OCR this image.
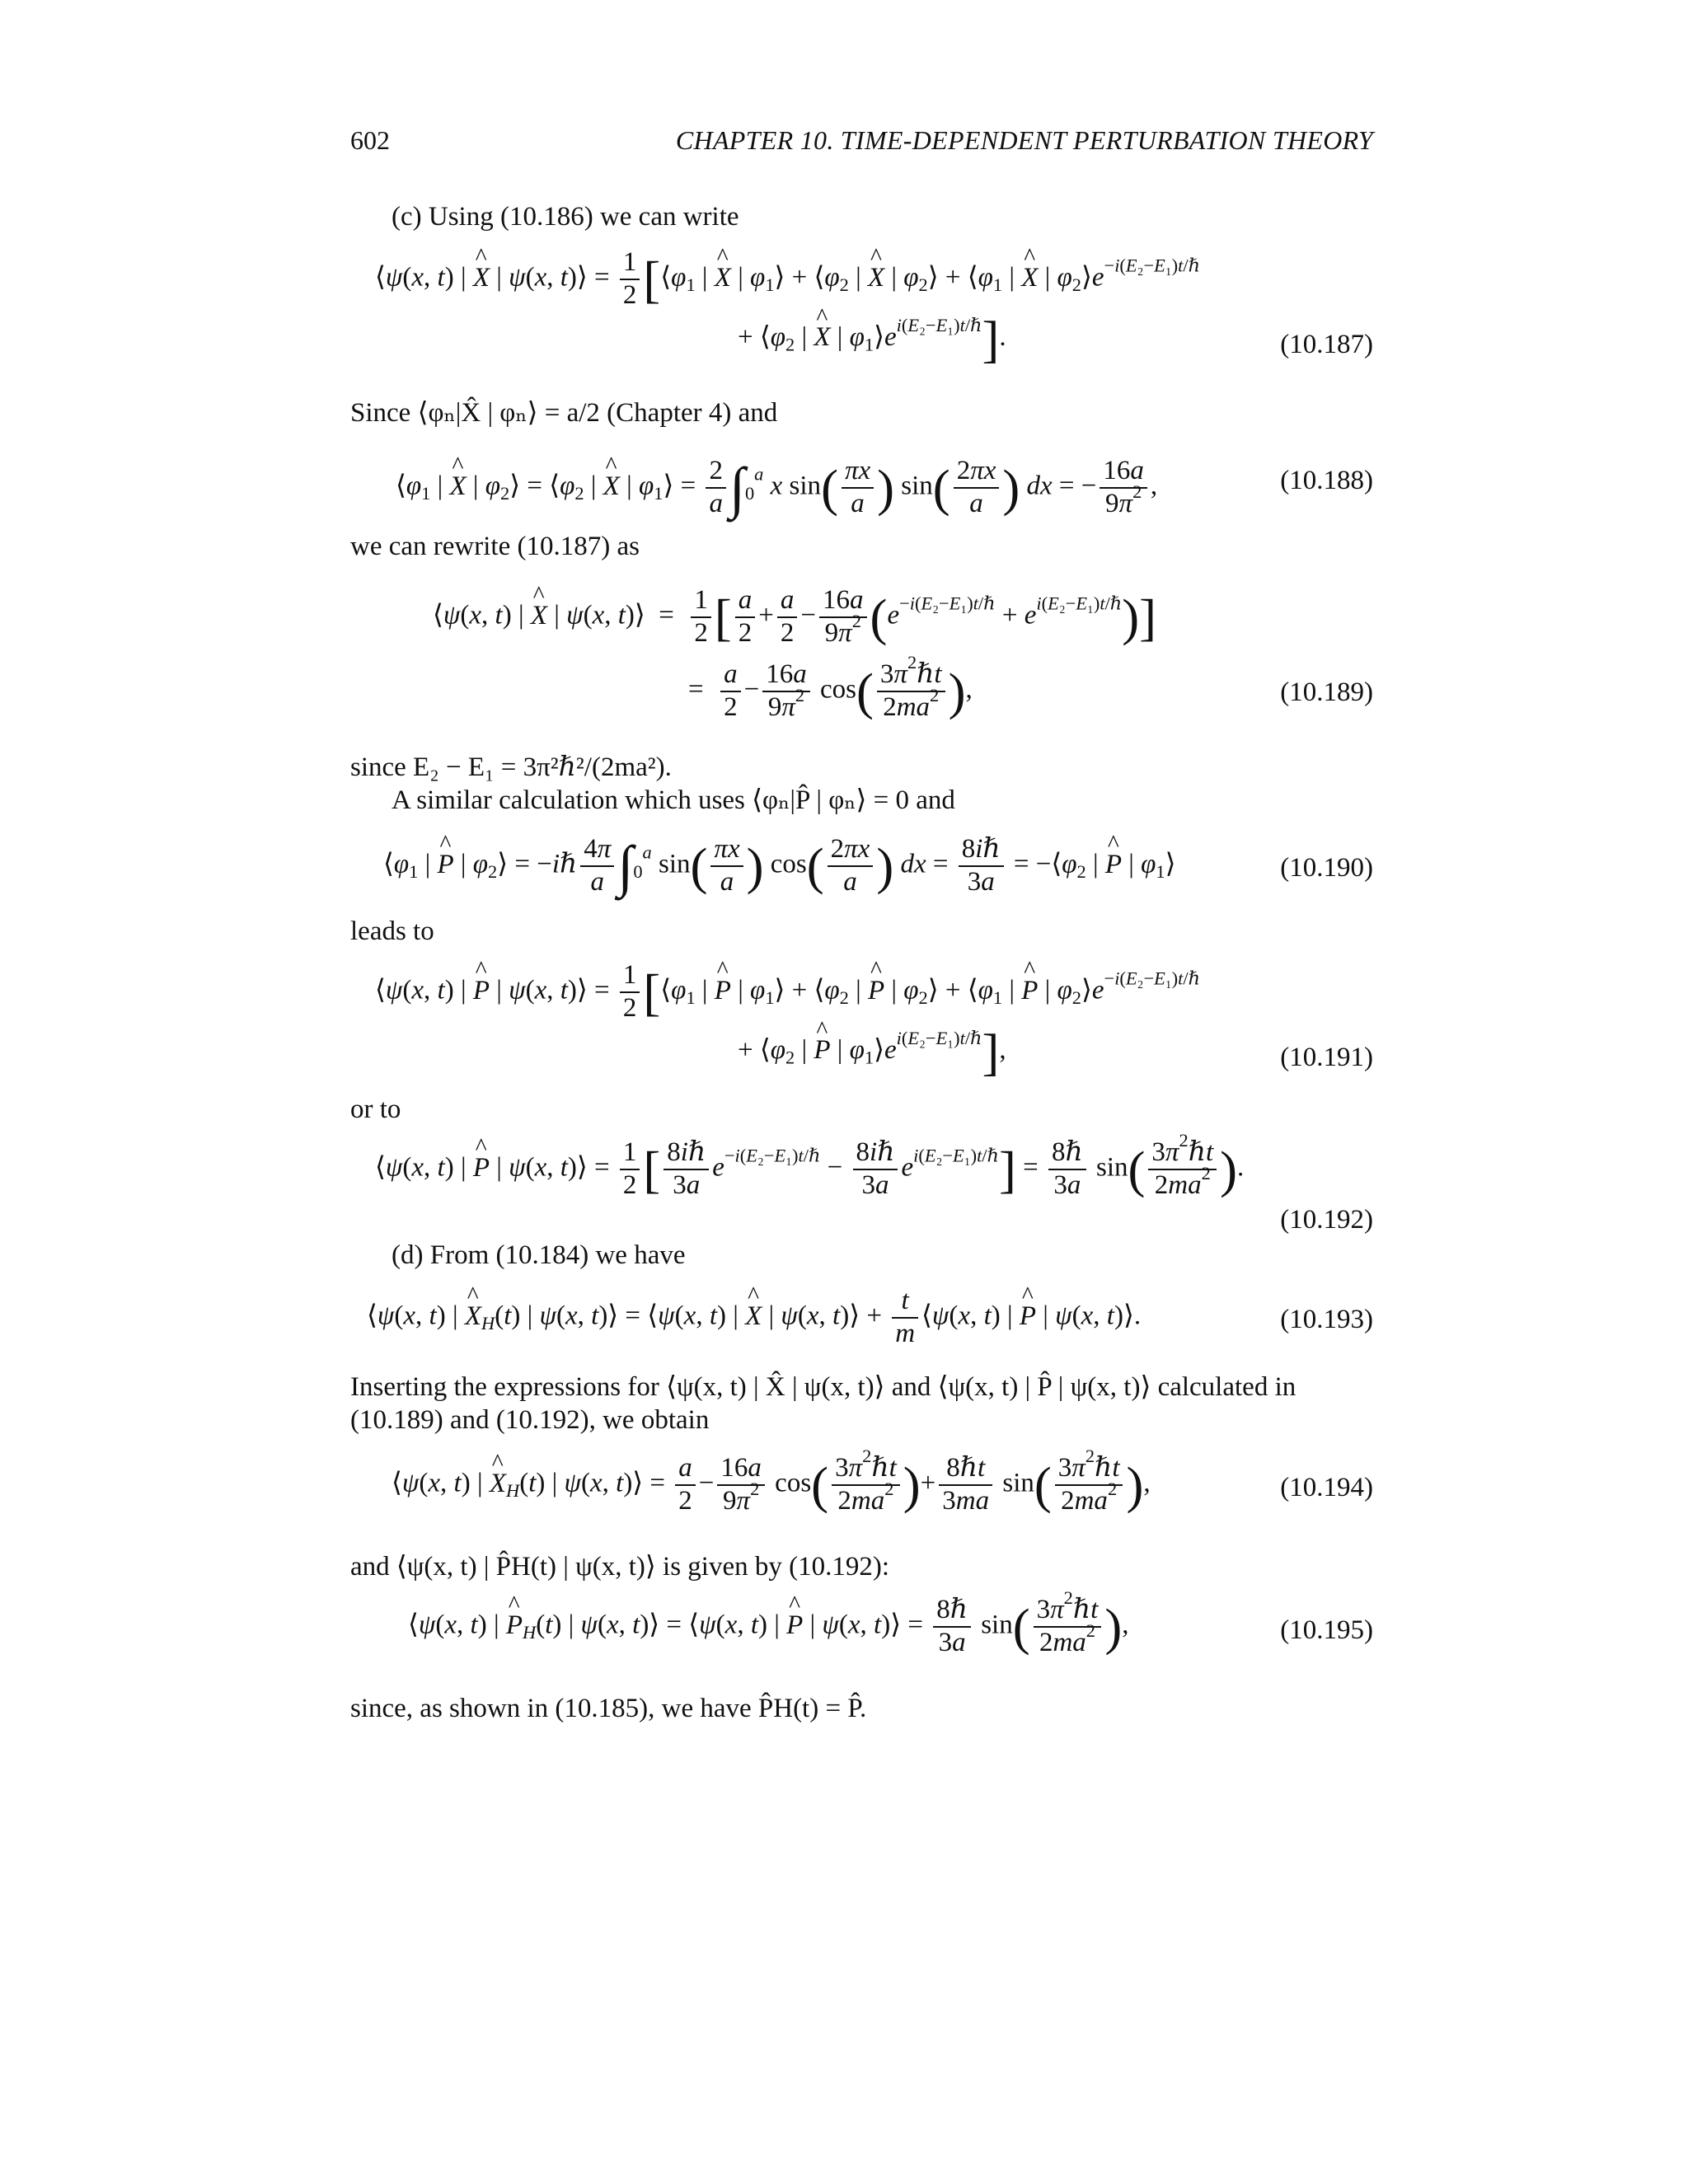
602	CHAPTER 10. TIME-DEPENDENT PERTURBATION THEORY
(c) Using (10.186) we can write
⟨ψ(x, t) | ^ X | ψ(x, t)⟩ = $\frac{1}{2}$ [$⟨\varphi_1$ | ^ X | $\varphi_1⟩$ + $⟨\varphi_2$ | ^ X | $\varphi_2⟩$ + $⟨\varphi_1$ | ^ X | $\varphi_2⟩e^{-i(E_2-E_1)t/\hbar}$
+ $⟨\varphi_2$ | ^ X | $\varphi_1⟩e^{i(E_2-E_1)t/\hbar}$].	(10.187)
Since ⟨φₙ|X̂ | φₙ⟩ = a/2 (Chapter 4) and
$⟨\varphi_1$ | ^ X | $\varphi_2⟩$ = $⟨\varphi_2$ | ^ X | $\varphi_1⟩ = \frac{2}{a} \int_0^a$ x $\sin( \frac{\pi x}{a}$ ) $\sin( \frac{2\pi x}{a}$ ) dx = − $\frac{16a}{9\pi^2}$ ,	(10.188)
we can rewrite (10.187) as
⟨ψ(x, t) | ^ X | ψ(x, t)⟩  = $\frac{1}{2}$ [ $\frac{a}{2} + \frac{a}{2} - \frac{16a}{9\pi^2} (e^{-i(E_2-E_1)t/\hbar} + e^{i(E_2-E_1)t/\hbar})$]
= $\frac{a}{2} - \frac{16a}{9\pi^2} \cos( \frac{3\pi^2\hbar t}{2ma^2}$ ),	(10.189)
since E₂ − E₁ = 3π²ℏ²/(2ma²).
A similar calculation which uses ⟨φₙ|P̂ | φₙ⟩ = 0 and
$⟨\varphi_1$ | ^ P | $\varphi_2⟩$ = −iℏ $\frac{4\pi}{a} \int_0^a$ $\sin( \frac{\pi x}{a}$ ) $\cos( \frac{2\pi x}{a}$ ) dx = $\frac{\text{8iℏ}}{3a}$ = $-⟨\varphi_2$ | ^ P | $\varphi_1⟩$	(10.190)
leads to
⟨ψ(x, t) | ^ P | ψ(x, t)⟩ = $\frac{1}{2}$ [$⟨\varphi_1$ | ^ P | $\varphi_1⟩$ + $⟨\varphi_2$ | ^ P | $\varphi_2⟩$ + $⟨\varphi_1$ | ^ P | $\varphi_2⟩e^{-i(E_2-E_1)t/\hbar}$
+ $⟨\varphi_2$ | ^ P | $\varphi_1⟩e^{i(E_2-E_1)t/\hbar}$],	(10.191)
or to
⟨ψ(x, t) | ^ P | ψ(x, t)⟩ = $\frac{1}{2}$ [ $\frac{\text{8iℏ}}{3a} e^{-i(E_2-E_1)t/\hbar} - \frac{\text{8iℏ}}{3a} e^{i(E_2-E_1)t/\hbar}] = \frac{\text{8ℏ}}{3a} \sin( \frac{3\pi^2\hbar t}{2ma^2}$ ).
(10.192)
(d) From (10.184) we have
⟨ψ(x, t) | ^ $X_H(t)$ | ψ(x, t)⟩ = ⟨ψ(x, t) | ^ X | ψ(x, t)⟩ + $\frac{t}{m}$ ⟨ψ(x, t) | ^ P | ψ(x, t)⟩.	(10.193)
Inserting the expressions for ⟨ψ(x, t) | X̂ | ψ(x, t)⟩ and ⟨ψ(x, t) | P̂ | ψ(x, t)⟩ calculated in
(10.189) and (10.192), we obtain
⟨ψ(x, t) | ^ $X_H(t)$ | ψ(x, t)⟩ = $\frac{a}{2} - \frac{16a}{9\pi^2} \cos( \frac{3\pi^2\hbar t}{2ma^2}$ )+ $\frac{\text{8ℏt}}{3ma} \sin( \frac{3\pi^2\hbar t}{2ma^2}$ ),	(10.194)
and ⟨ψ(x, t) | P̂H(t) | ψ(x, t)⟩ is given by (10.192):
⟨ψ(x, t) | ^ $P_H(t)$ | ψ(x, t)⟩ = ⟨ψ(x, t) | ^ P | ψ(x, t)⟩ = $\frac{\text{8ℏ}}{3a} \sin( \frac{3\pi^2\hbar t}{2ma^2}$ ),	(10.195)
since, as shown in (10.185), we have P̂H(t) = P̂.
